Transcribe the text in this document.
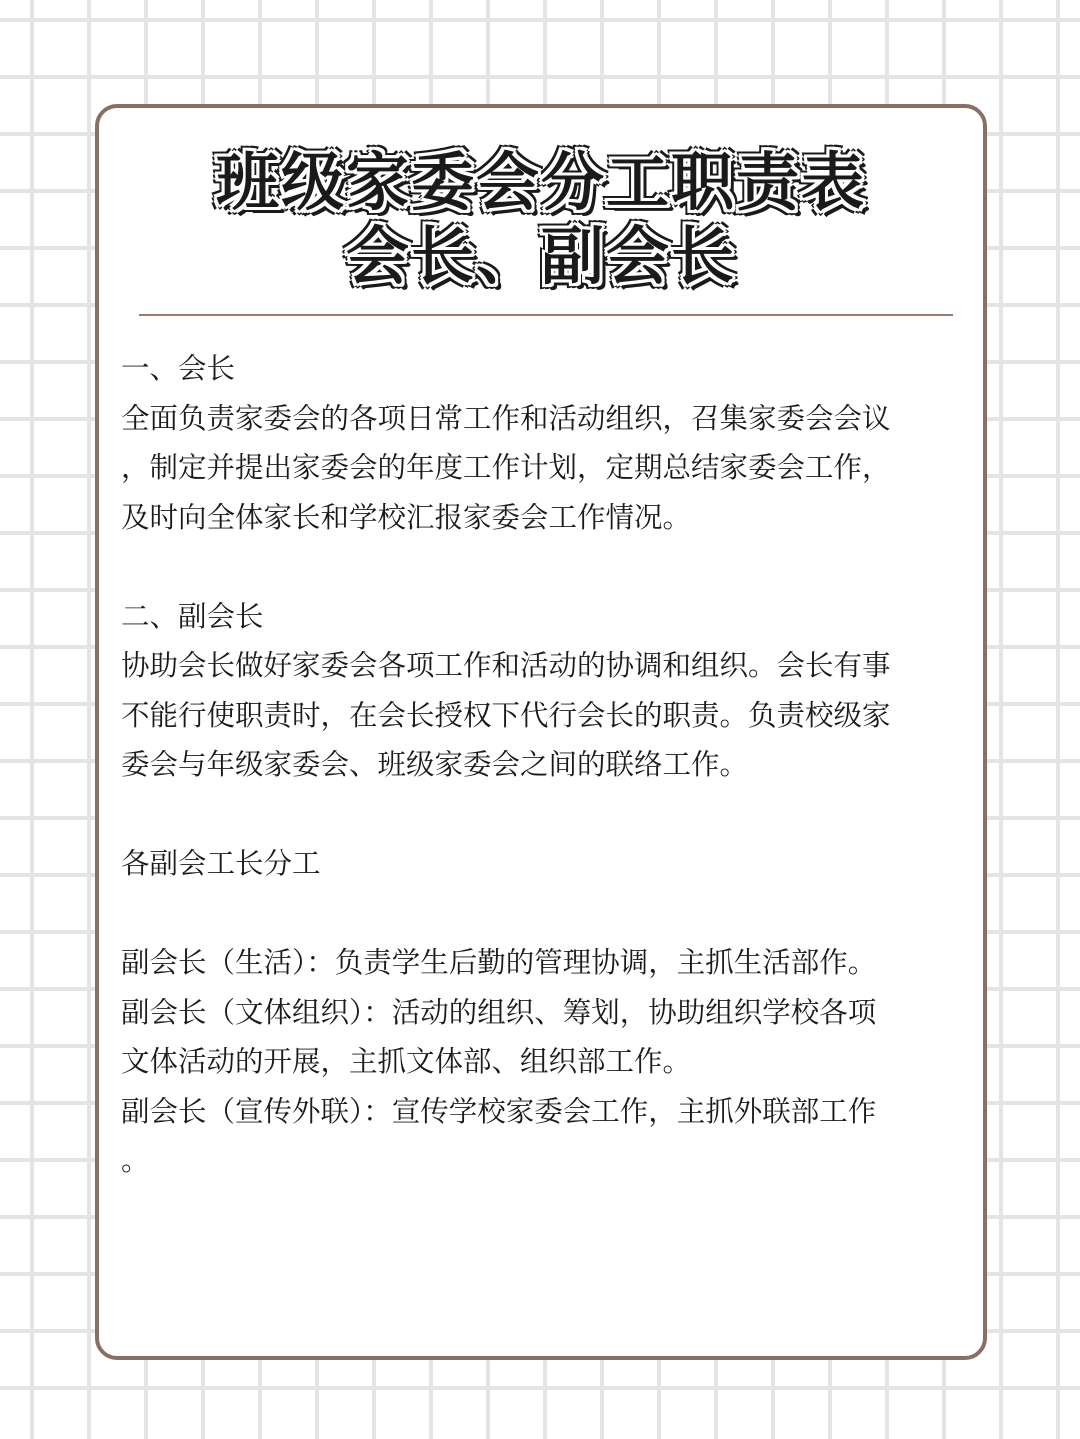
班级家委会分工职责表
会长、副会长
一、会长
全面负责家委会的各项日常工作和活动组织，召集家委会会议
，制定并提出家委会的年度工作计划，定期总结家委会工作，
及时向全体家长和学校汇报家委会工作情况。
二、副会长
协助会长做好家委会各项工作和活动的协调和组织。会长有事
不能行使职责时，在会长授权下代行会长的职责。负责校级家
委会与年级家委会、班级家委会之间的联络工作。
各副会工长分工
副会长（生活）：负责学生后勤的管理协调，主抓生活部作。
副会长（文体组织）：活动的组织、筹划，协助组织学校各项
文体活动的开展，主抓文体部、组织部工作。
副会长（宣传外联）：宣传学校家委会工作，主抓外联部工作
。
